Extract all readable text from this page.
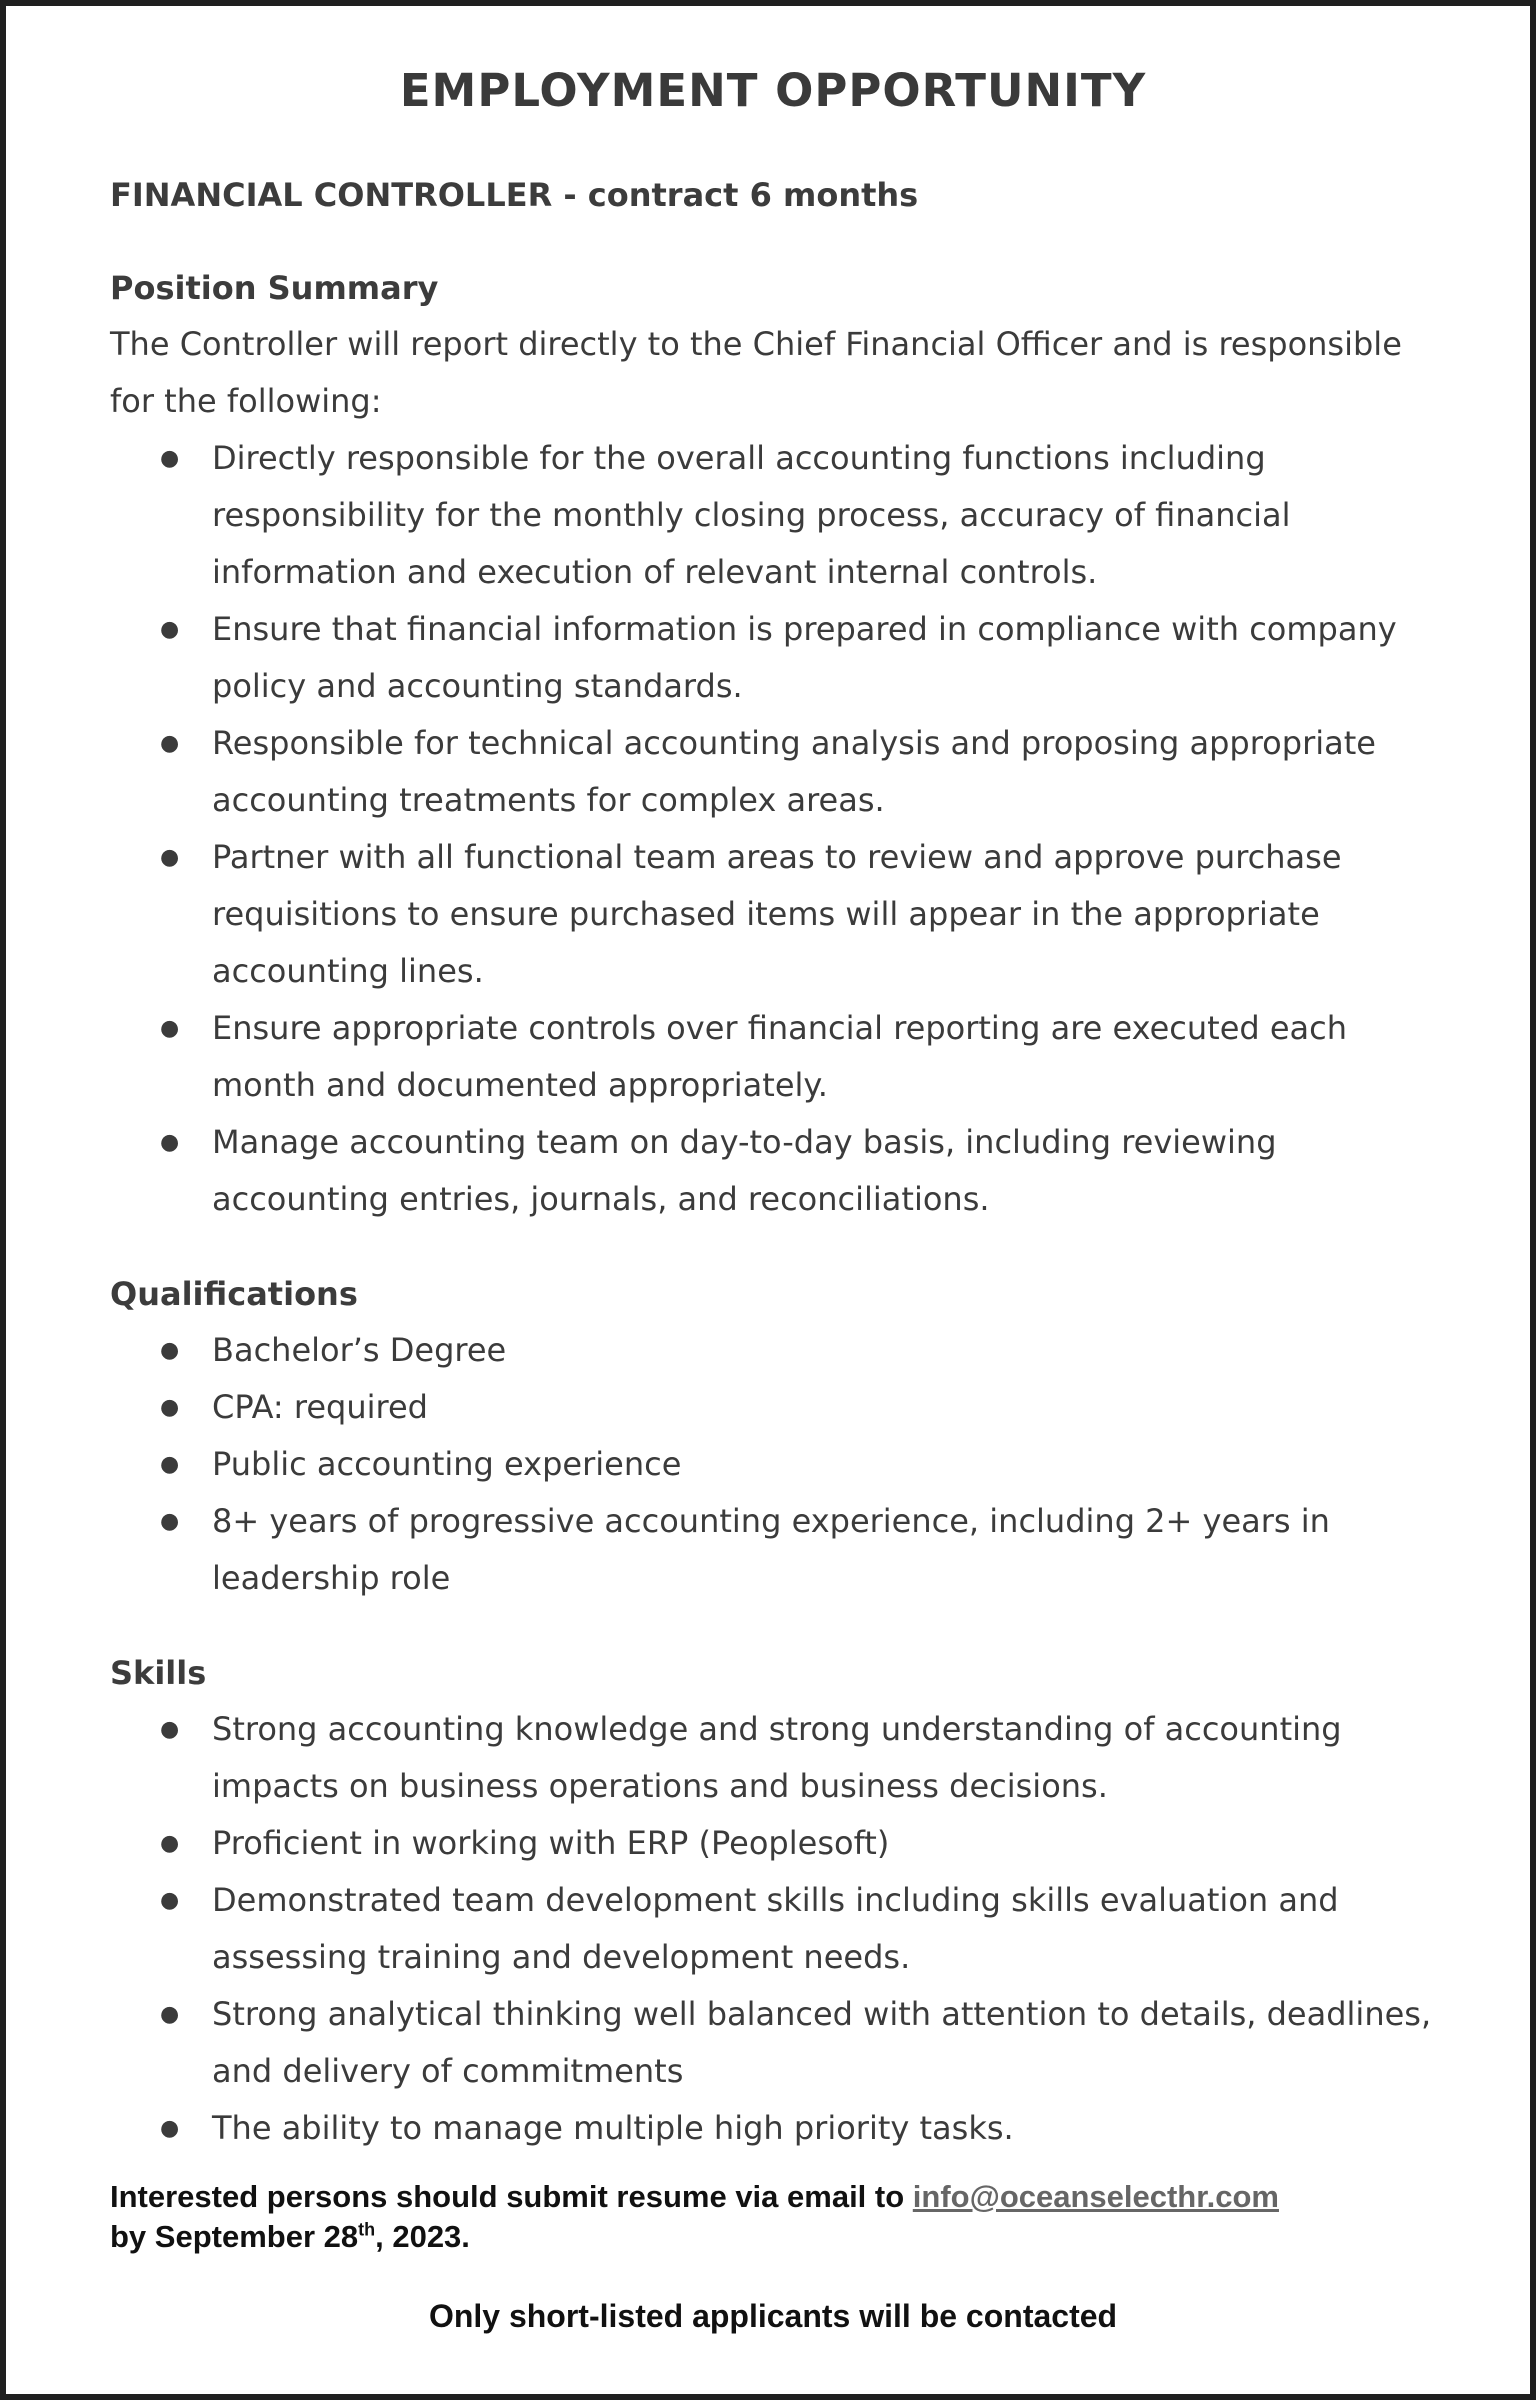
EMPLOYMENT OPPORTUNITY
FINANCIAL CONTROLLER - contract 6 months
Position Summary

The Controller will report directly to the Chief Financial Officer and is responsible for the following:

● Directly responsible for the overall accounting functions including responsibility for the monthly closing process, accuracy of financial information and execution of relevant internal controls.
● Ensure that financial information is prepared in compliance with company policy and accounting standards.
● Responsible for technical accounting analysis and proposing appropriate accounting treatments for complex areas.
● Partner with all functional team areas to review and approve purchase requisitions to ensure purchased items will appear in the appropriate accounting lines.
● Ensure appropriate controls over financial reporting are executed each month and documented appropriately.
● Manage accounting team on day-to-day basis, including reviewing accounting entries, journals, and reconciliations.
Qualifications
● Bachelor’s Degree
● CPA: required
● Public accounting experience
● 8+ years of progressive accounting experience, including 2+ years in leadership role
Skills
● Strong accounting knowledge and strong understanding of accounting impacts on business operations and business decisions.
● Proficient in working with ERP (Peoplesoft)
● Demonstrated team development skills including skills evaluation and assessing training and development needs.
● Strong analytical thinking well balanced with attention to details, deadlines, and delivery of commitments
● The ability to manage multiple high priority tasks.

Interested persons should submit resume via email to info@oceanselecthr.com
by September 28th, 2023.

Only short-listed applicants will be contacted
